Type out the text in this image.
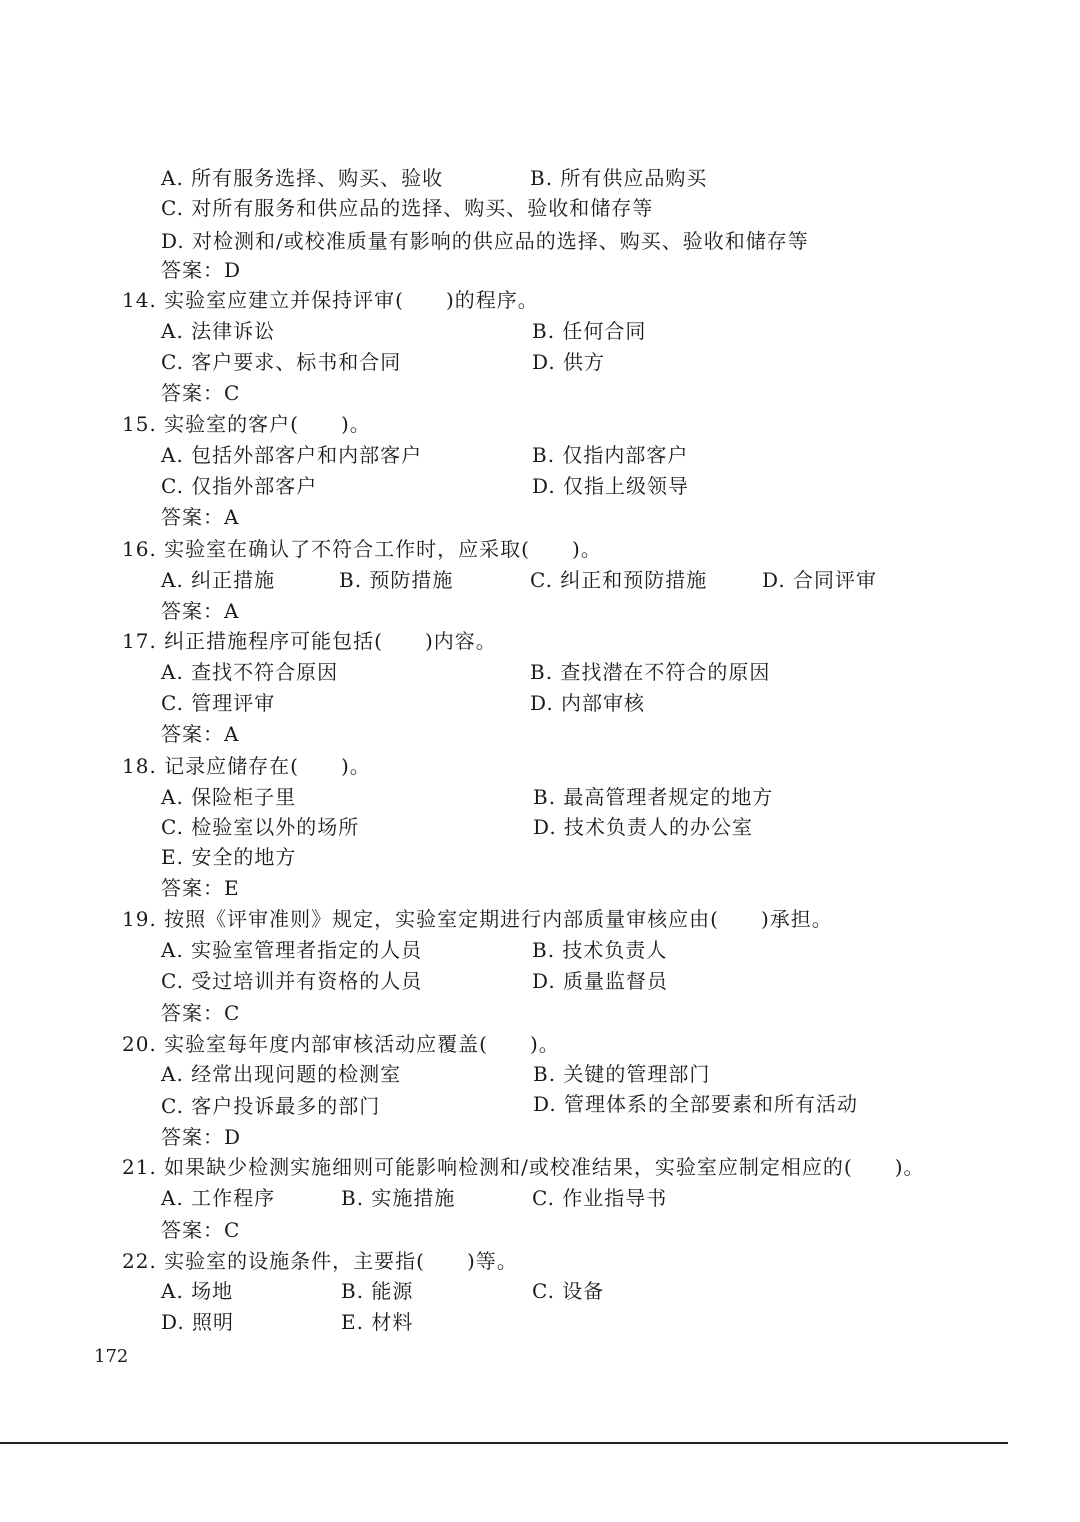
A. 所有服务选择、购买、验收	B. 所有供应品购买
C. 对所有服务和供应品的选择、购买、验收和储存等
D. 对检测和/或校准质量有影响的供应品的选择、购买、验收和储存等
答案：D
14. 实验室应建立并保持评审(　　)的程序。
A. 法律诉讼	B. 任何合同
C. 客户要求、标书和合同	D. 供方
答案：C
15. 实验室的客户(　　)。
A. 包括外部客户和内部客户	B. 仅指内部客户
C. 仅指外部客户	D. 仅指上级领导
答案：A
16. 实验室在确认了不符合工作时，应采取(　　)。
A. 纠正措施	B. 预防措施	C. 纠正和预防措施	D. 合同评审
答案：A
17. 纠正措施程序可能包括(　　)内容。
A. 查找不符合原因	B. 查找潜在不符合的原因
C. 管理评审	D. 内部审核
答案：A
18. 记录应储存在(　　)。
A. 保险柜子里	B. 最高管理者规定的地方
C. 检验室以外的场所	D. 技术负责人的办公室
E. 安全的地方
答案：E
19. 按照《评审准则》规定，实验室定期进行内部质量审核应由(　　)承担。
A. 实验室管理者指定的人员	B. 技术负责人
C. 受过培训并有资格的人员	D. 质量监督员
答案：C
20. 实验室每年度内部审核活动应覆盖(　　)。
A. 经常出现问题的检测室	B. 关键的管理部门
C. 客户投诉最多的部门	D. 管理体系的全部要素和所有活动
答案：D
21. 如果缺少检测实施细则可能影响检测和/或校准结果，实验室应制定相应的(　　)。
A. 工作程序	B. 实施措施	C. 作业指导书
答案：C
22. 实验室的设施条件，主要指(　　)等。
A. 场地	B. 能源	C. 设备
D. 照明	E. 材料
172
